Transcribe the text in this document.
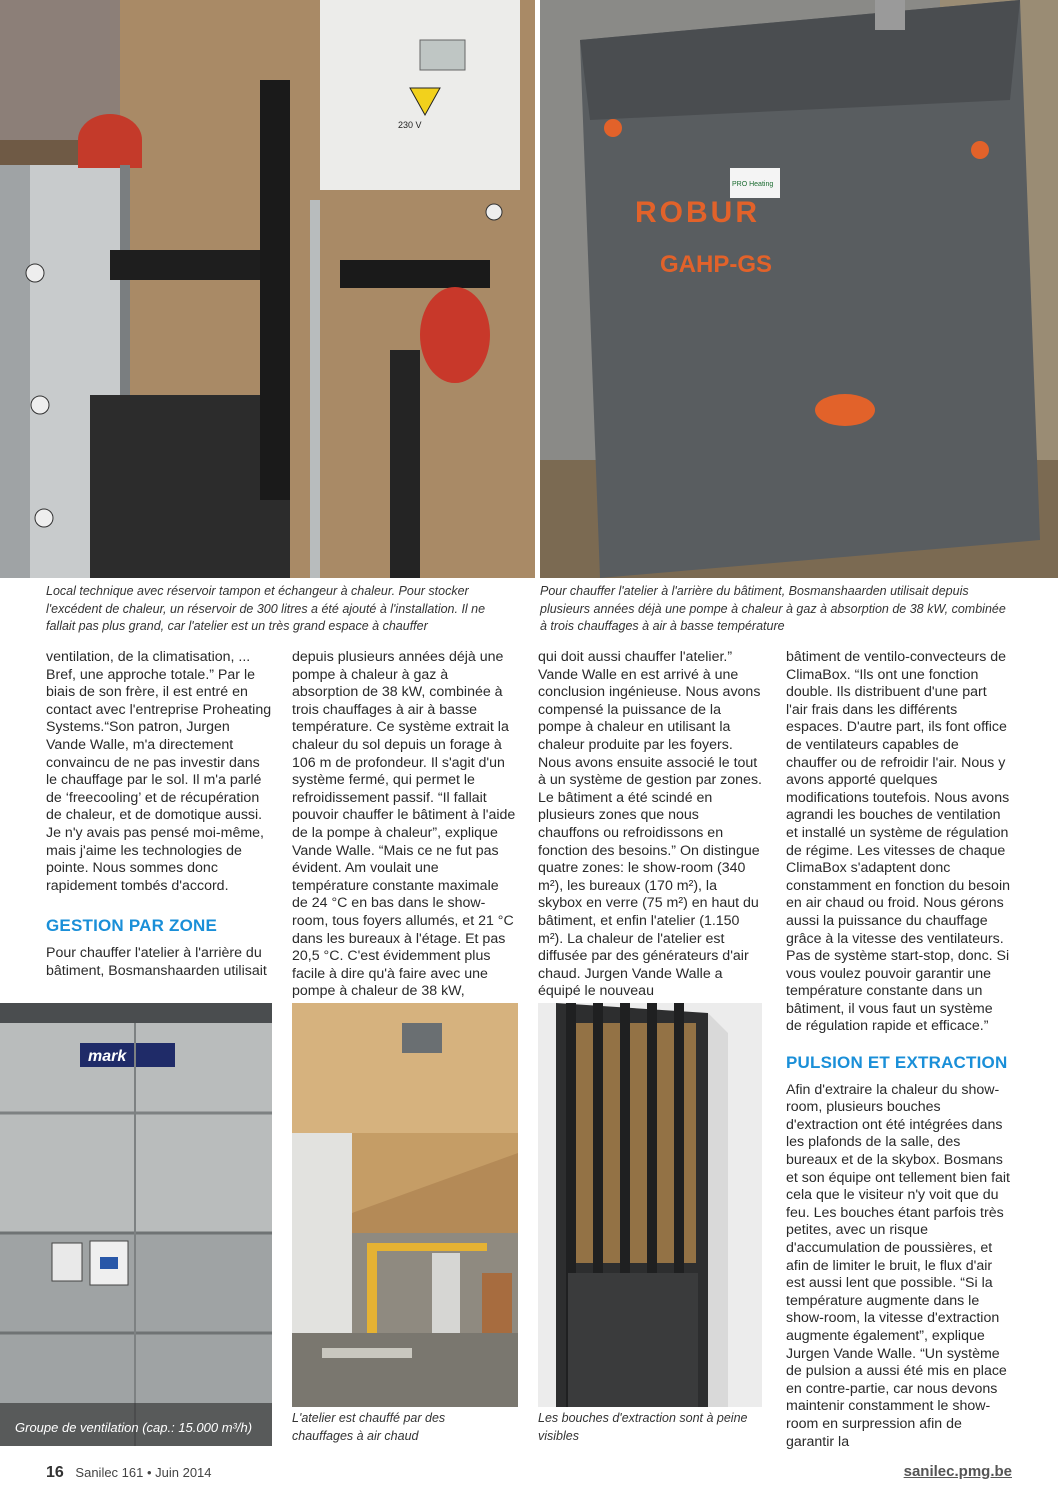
230 V
PRO Heating
ROBUR
GAHP-GS
Local technique avec réservoir tampon et échangeur à chaleur. Pour stocker l'excédent de chaleur, un réservoir de 300 litres a été ajouté à l'installation. Il ne fallait pas plus grand, car l'atelier est un très grand espace à chauffer
Pour chauffer l'atelier à l'arrière du bâtiment, Bosmanshaarden utilisait depuis plusieurs années déjà une pompe à chaleur à gaz à absorption de 38 kW, combinée à trois chauffages à air à basse température

ventilation, de la climatisation, ... Bref, une approche totale.” Par le biais de son frère, il est entré en contact avec l'entreprise Proheating Systems.“Son patron, Jurgen Vande Walle, m'a directement convaincu de ne pas investir dans le chauffage par le sol. Il m'a parlé de ‘freecooling’ et de récupération de chaleur, et de domotique aussi. Je n'y avais pas pensé moi-même, mais j'aime les technologies de pointe. Nous sommes donc rapidement tombés d'accord.

GESTION PAR ZONE

Pour chauffer l'atelier à l'arrière du bâtiment, Bosmanshaarden utilisait

depuis plusieurs années déjà une pompe à chaleur à gaz à absorption de 38 kW, combinée à trois chauffages à air à basse température. Ce système extrait la chaleur du sol depuis un forage à 106 m de profondeur. Il s'agit d'un système fermé, qui permet le refroidissement passif. “Il fallait pouvoir chauffer le bâtiment à l'aide de la pompe à chaleur”, explique Vande Walle. “Mais ce ne fut pas évident. Am voulait une température constante maximale de 24 °C en bas dans le show-room, tous foyers allumés, et 21 °C dans les bureaux à l'étage. Et pas 20,5 °C. C'est évidemment plus facile à dire qu'à faire avec une pompe à chaleur de 38 kW,

qui doit aussi chauffer l'atelier.” Vande Walle en est arrivé à une conclusion ingénieuse. Nous avons compensé la puissance de la pompe à chaleur en utilisant la chaleur produite par les foyers. Nous avons ensuite associé le tout à un système de gestion par zones. Le bâtiment a été scindé en plusieurs zones que nous chauffons ou refroidissons en fonction des besoins.” On distingue quatre zones: le show-room (340 m²), les bureaux (170 m²), la skybox en verre (75 m²) en haut du bâtiment, et enfin l'atelier (1.150 m²). La chaleur de l'atelier est diffusée par des générateurs d'air chaud. Jurgen Vande Walle a équipé le nouveau

bâtiment de ventilo-convecteurs de ClimaBox. “Ils ont une fonction double. Ils distribuent d'une part l'air frais dans les différents espaces. D'autre part, ils font office de ventilateurs capables de chauffer ou de refroidir l'air. Nous y avons apporté quelques modifications toutefois. Nous avons agrandi les bouches de ventilation et installé un système de régulation de régime. Les vitesses de chaque ClimaBox s'adaptent donc constamment en fonction du besoin en air chaud ou froid. Nous gérons aussi la puissance du chauffage grâce à la vitesse des ventilateurs. Pas de système start-stop, donc. Si vous voulez pouvoir garantir une température constante dans un bâtiment, il vous faut un système de régulation rapide et efficace.”

PULSION ET EXTRACTION

Afin d'extraire la chaleur du show-room, plusieurs bouches d'extraction ont été intégrées dans les plafonds de la salle, des bureaux et de la skybox. Bosmans et son équipe ont tellement bien fait cela que le visiteur n'y voit que du feu. Les bouches étant parfois très petites, avec un risque d'accumulation de poussières, et afin de limiter le bruit, le flux d'air est aussi lent que possible. “Si la température augmente dans le show-room, la vitesse d'extraction augmente également”, explique Jurgen Vande Walle. “Un système de pulsion a aussi été mis en place en contre-partie, car nous devons maintenir constamment le show-room en surpression afin de garantir la

mark
Groupe de ventilation (cap.: 15.000 m³/h)
L'atelier est chauffé par des chauffages à air chaud
Les bouches d'extraction sont à peine visibles
16 Sanilec 161 • Juin 2014	sanilec.pmg.be
